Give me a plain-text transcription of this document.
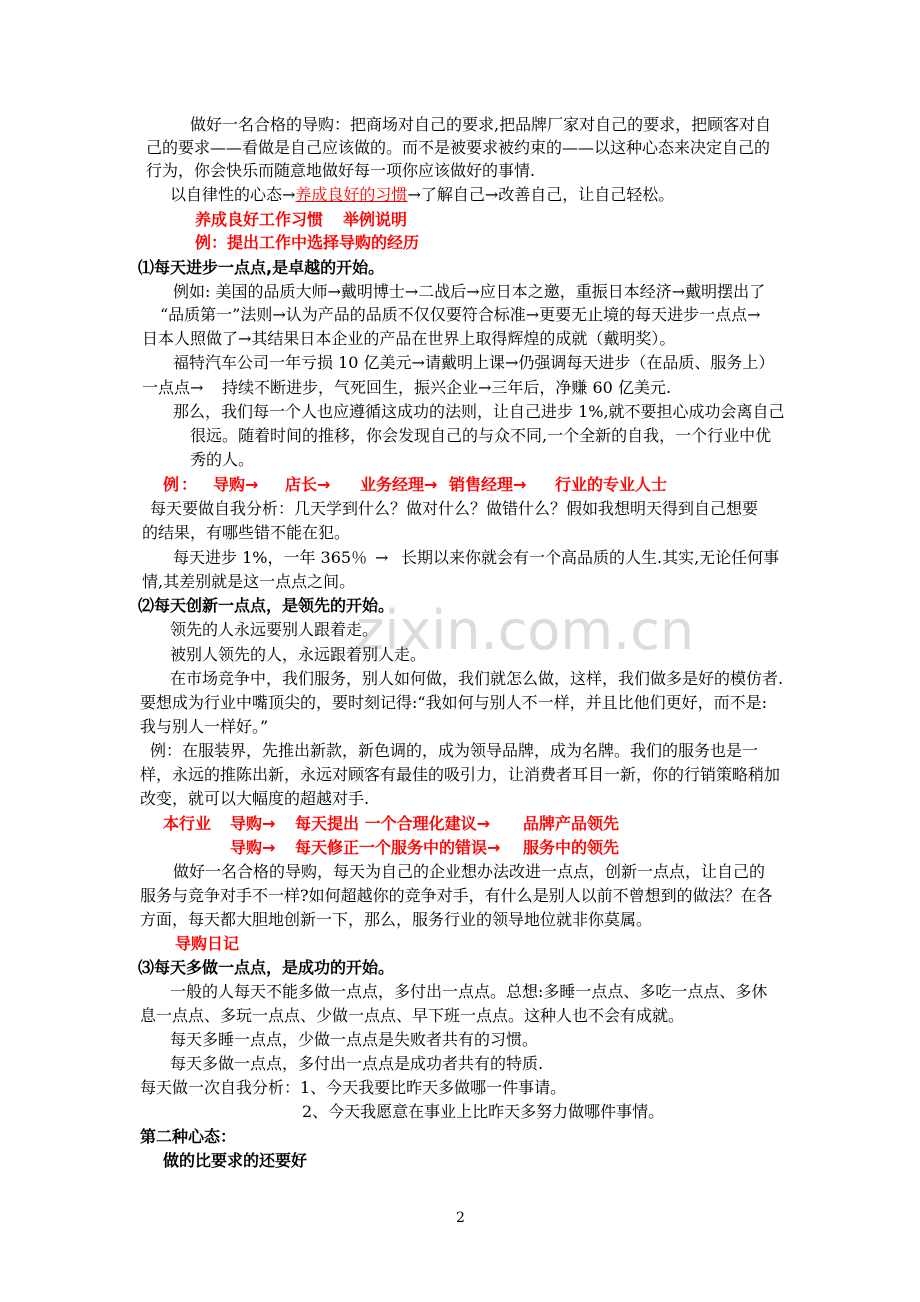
zixin.com.cn
做好一名合格的导购：把商场对自己的要求,把品牌厂家对自己的要求，把顾客对自
己的要求——看做是自己应该做的。而不是被要求被约束的——以这种心态来决定自己的
行为，你会快乐而随意地做好每一项你应该做好的事情.
以自律性的心态→养成良好的习惯→了解自己→改善自己，让自己轻松。
养成良好工作习惯 举例说明
例：提出工作中选择导购的经历
⑴每天进步一点点,是卓越的开始。
例如: 美国的品质大师→戴明博士→二战后→应日本之邀，重振日本经济→戴明摆出了
“品质第一”法则→认为产品的品质不仅仅要符合标准→更要无止境的每天进步一点点→
日本人照做了→其结果日本企业的产品在世界上取得辉煌的成就（戴明奖）。
福特汽车公司一年亏损 10 亿美元→请戴明上课→仍强调每天进步（在品质、服务上）
一点点→ 持续不断进步，气死回生，振兴企业→三年后，净赚 60 亿美元.
那么，我们每一个人也应遵循这成功的法则，让自己进步 1%,就不要担心成功会离自己
很远。随着时间的推移，你会发现自己的与众不同,一个全新的自我，一个行业中优
秀的人。
例 ： 导购→ 店长→ 业务经理→ 销售经理→ 行业的专业人士
每天要做自我分析：几天学到什么？做对什么？做错什么？假如我想明天得到自己想要
的结果，有哪些错不能在犯。
每天进步 1%，一年 365％ → 长期以来你就会有一个高品质的人生.其实,无论任何事
情,其差别就是这一点点之间。
⑵每天创新一点点，是领先的开始。
领先的人永远要别人跟着走。
被别人领先的人，永远跟着别人走。
在市场竞争中，我们服务，别人如何做，我们就怎么做，这样，我们做多是好的模仿者.
要想成为行业中嘴顶尖的，要时刻记得:“我如何与别人不一样，并且比他们更好，而不是:
我与别人一样好。”
例：在服装界，先推出新款，新色调的，成为领导品牌，成为名牌。我们的服务也是一
样，永远的推陈出新，永远对顾客有最佳的吸引力，让消费者耳目一新，你的行销策略稍加
改变，就可以大幅度的超越对手.
本行业 导购→ 每天提出 一个合理化建议→ 品牌产品领先
导购→ 每天修正一个服务中的错误→ 服务中的领先
做好一名合格的导购，每天为自己的企业想办法改进一点点，创新一点点，让自己的
服务与竞争对手不一样?如何超越你的竞争对手，有什么是别人以前不曾想到的做法？在各
方面，每天都大胆地创新一下，那么，服务行业的领导地位就非你莫属。
导购日记
⑶每天多做一点点，是成功的开始。
一般的人每天不能多做一点点，多付出一点点。总想:多睡一点点、多吃一点点、多休
息一点点、多玩一点点、少做一点点、早下班一点点。这种人也不会有成就。
每天多睡一点点，少做一点点是失败者共有的习惯。
每天多做一点点，多付出一点点是成功者共有的特质.
每天做一次自我分析： 1、今天我要比昨天多做哪一件事请。
2、今天我愿意在事业上比昨天多努力做哪件事情。
第二种心态：
做的比要求的还要好
2
